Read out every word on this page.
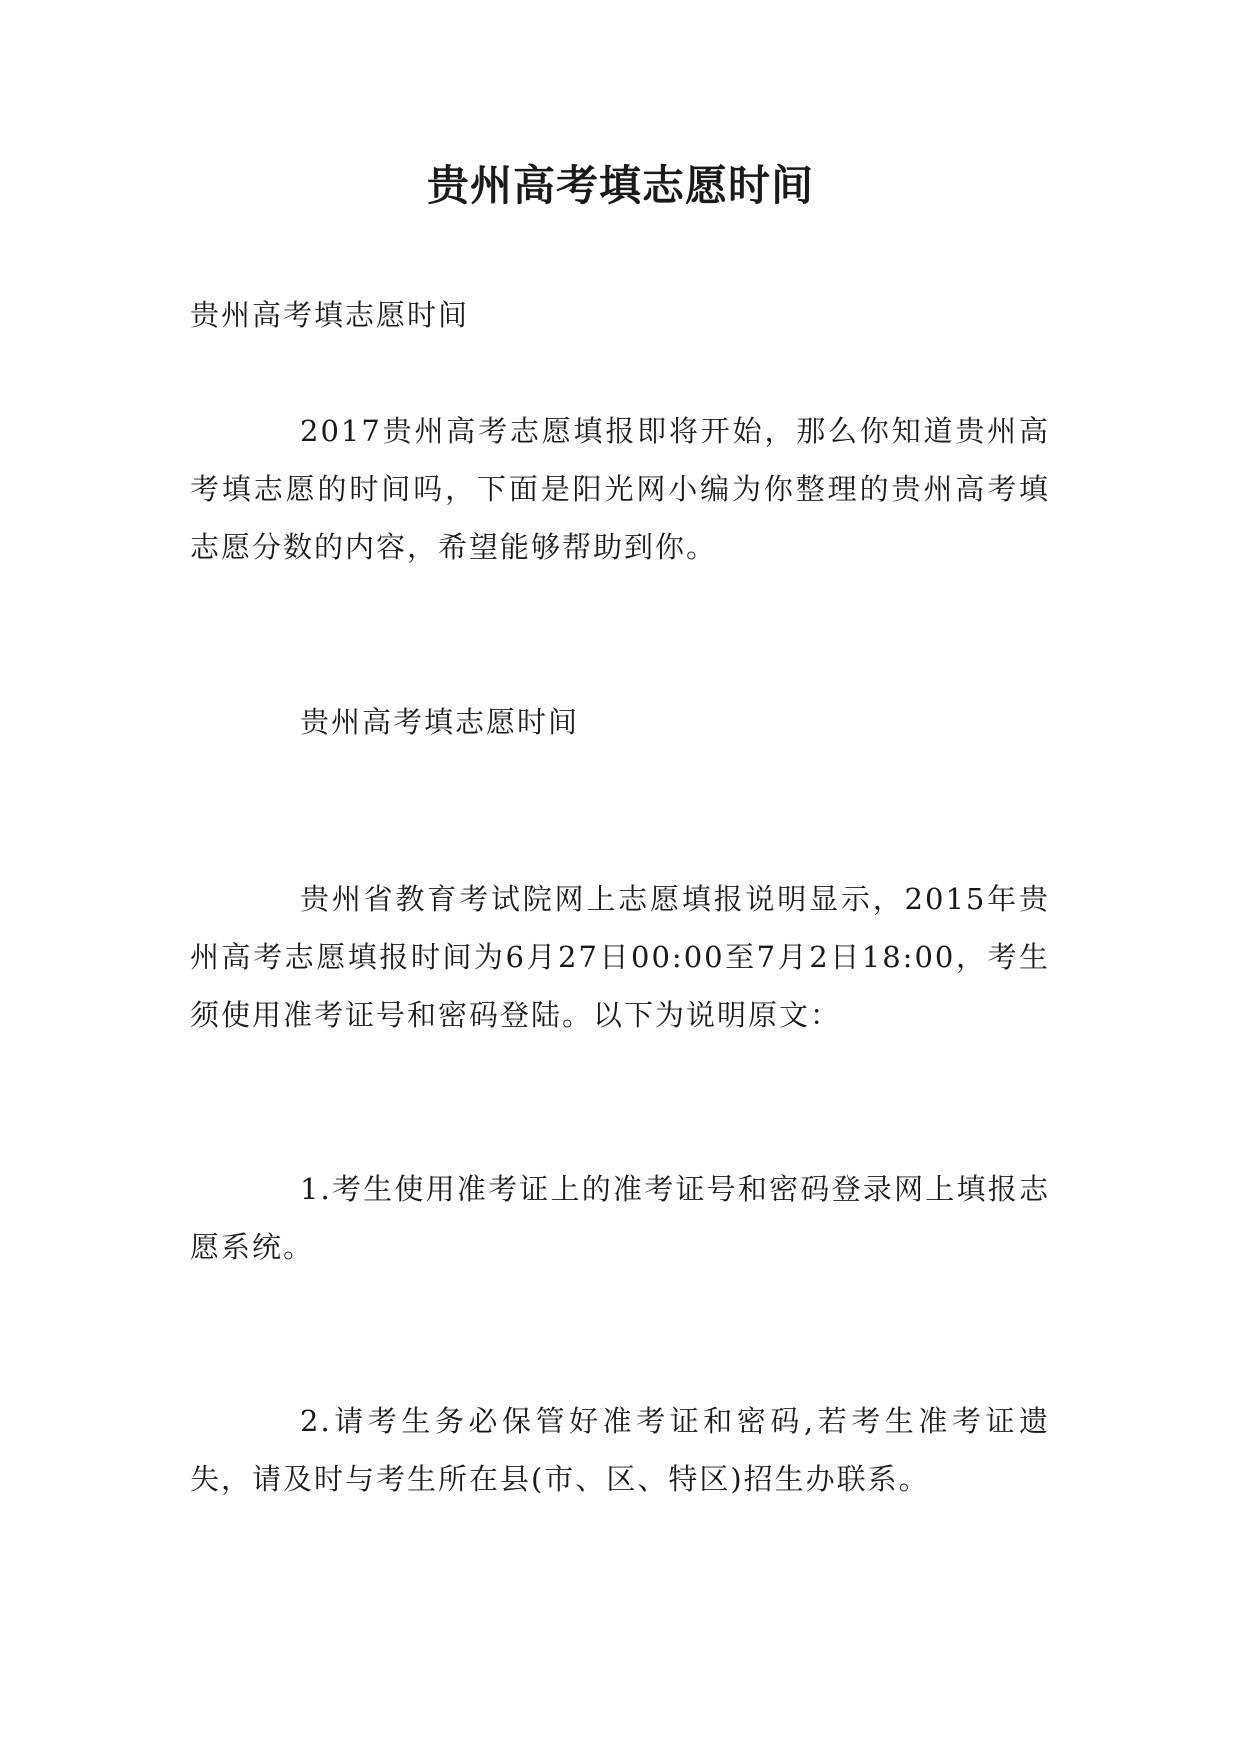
贵州高考填志愿时间

贵州高考填志愿时间

2017贵州高考志愿填报即将开始，那么你知道贵州高考填志愿的时间吗，下面是阳光网小编为你整理的贵州高考填志愿分数的内容，希望能够帮助到你。

贵州高考填志愿时间

贵州省教育考试院网上志愿填报说明显示，2015年贵州高考志愿填报时间为6月27日00:00至7月2日18:00，考生须使用准考证号和密码登陆。以下为说明原文：

1.考生使用准考证上的准考证号和密码登录网上填报志愿系统。

2.请考生务必保管好准考证和密码,若考生准考证遗失，请及时与考生所在县(市、区、特区)招生办联系。
